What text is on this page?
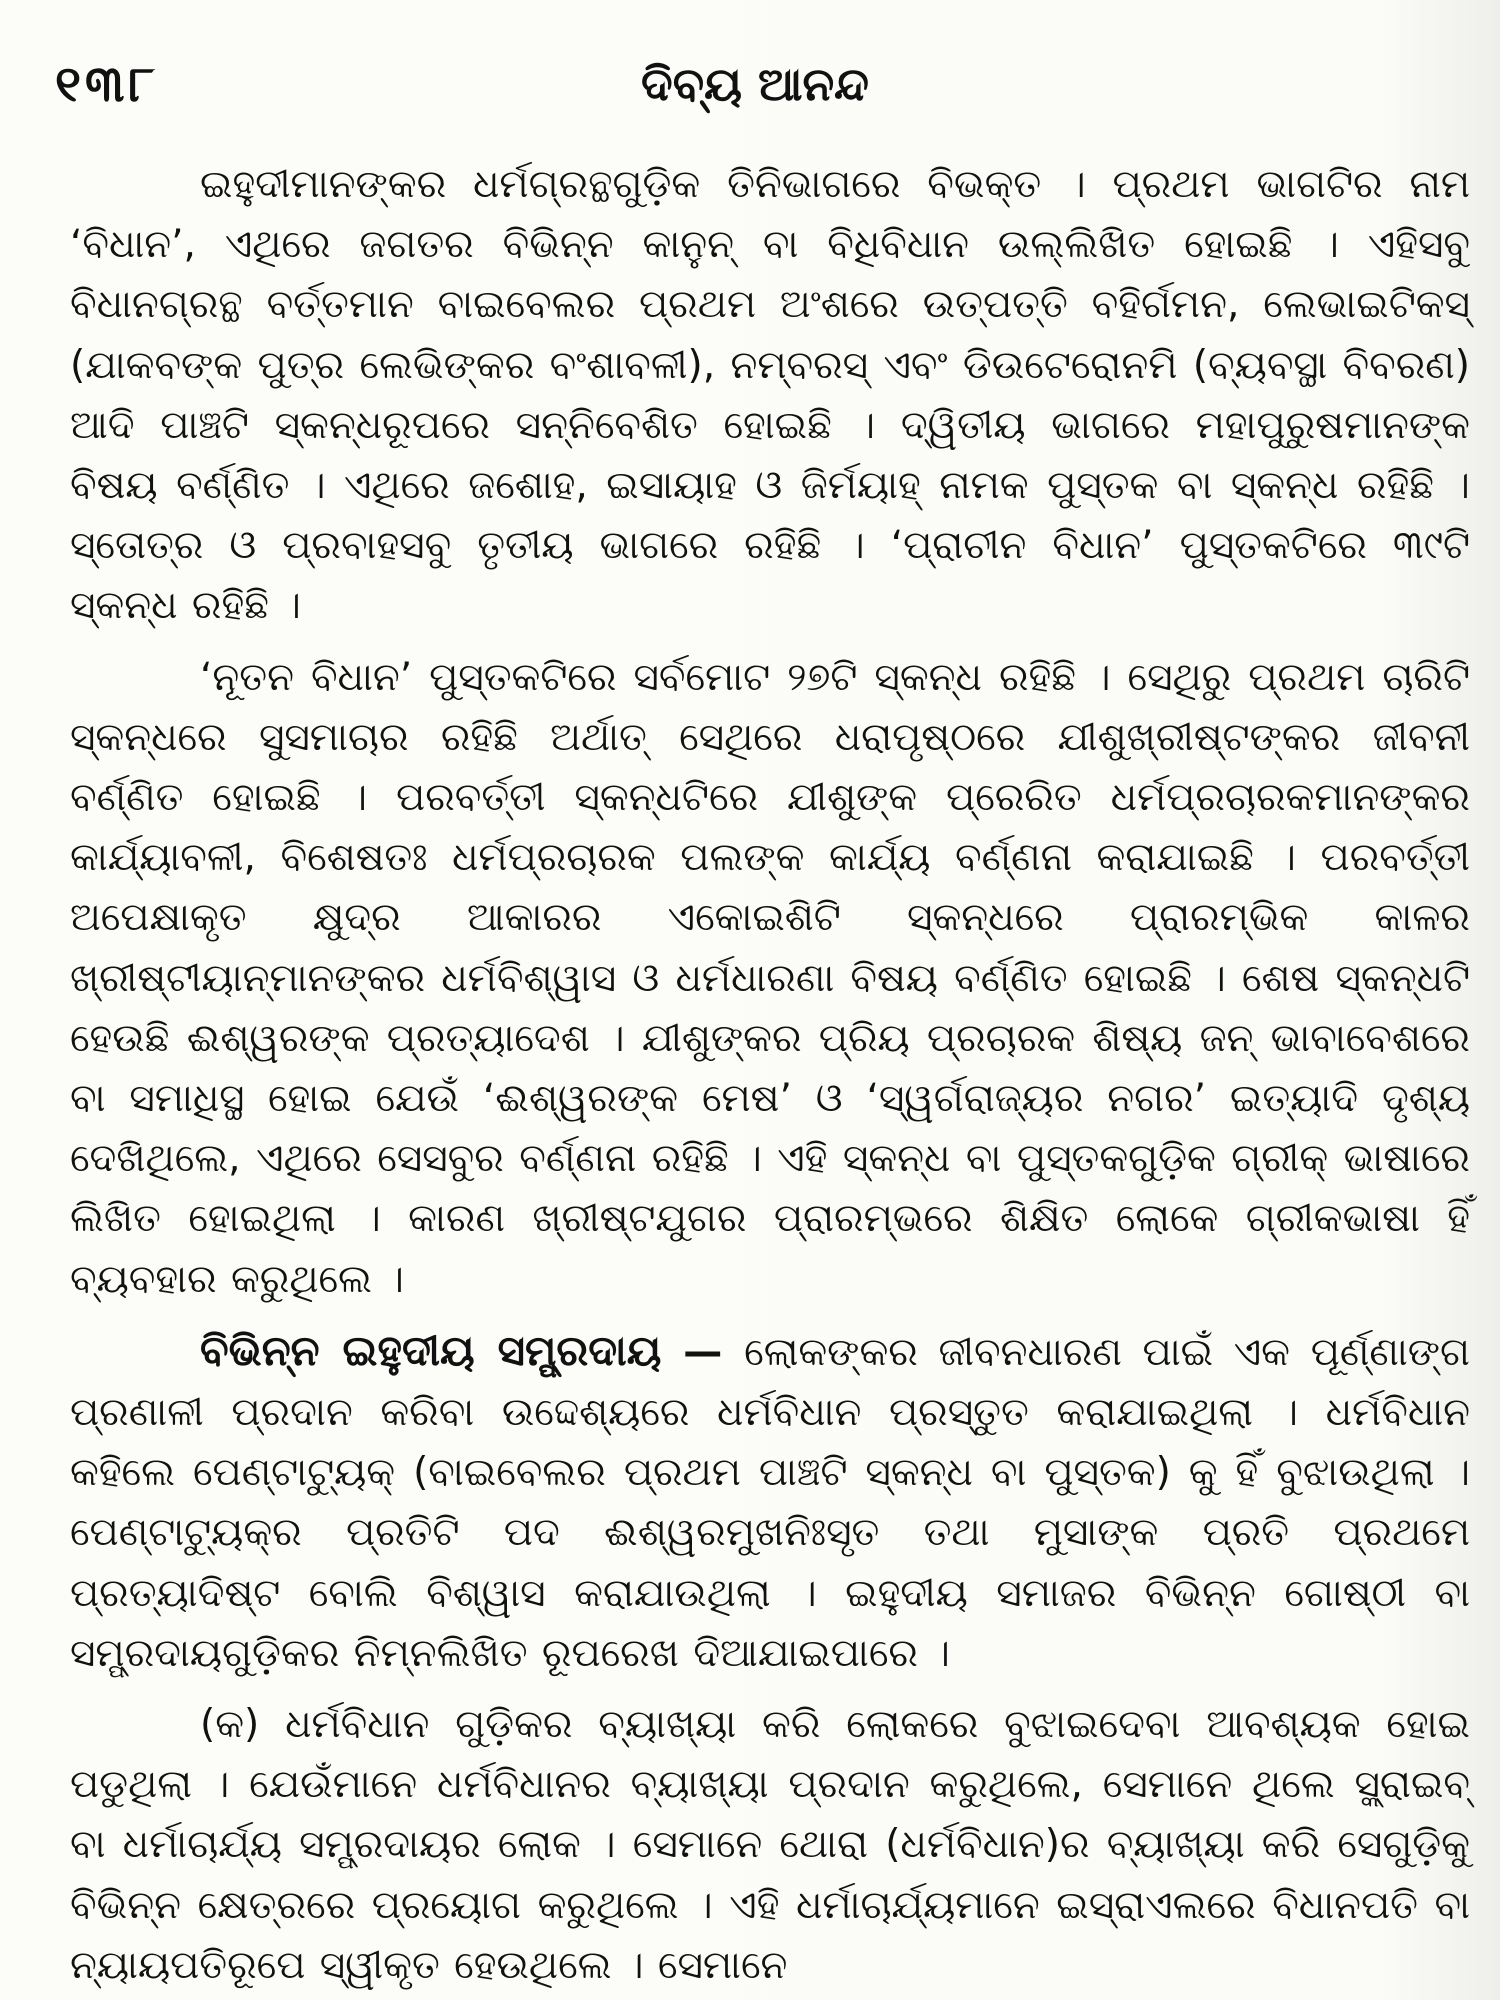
୧୩୮	ଦିବ୍ୟ ଆନନ୍ଦ

ଇହୁଦୀମାନଙ୍କର ଧର୍ମଗ୍ରନ୍ଥଗୁଡ଼ିକ ତିନିଭାଗରେ ବିଭକ୍ତ । ପ୍ରଥମ ଭାଗଟିର ନାମ ‘ବିଧାନ’, ଏଥିରେ ଜଗତର ବିଭିନ୍ନ କାନୁନ୍ ବା ବିଧିବିଧାନ ଉଲ୍ଲିଖିତ ହୋଇଛି । ଏହିସବୁ ବିଧାନଗ୍ରନ୍ଥ ବର୍ତ୍ତମାନ ବାଇବେଲର ପ୍ରଥମ ଅଂଶରେ ଉତ୍ପତ୍ତି ବହିର୍ଗମନ, ଲେଭାଇଟିକସ୍ (ଯାକବଙ୍କ ପୁତ୍ର ଲେଭିଙ୍କର ବଂଶାବଳୀ), ନମ୍ବରସ୍ ଏବଂ ଡିଉଟେରୋନମି (ବ୍ୟବସ୍ଥା ବିବରଣ) ଆଦି ପାଞ୍ଚଟି ସ୍କନ୍ଧରୂପରେ ସନ୍ନିବେଶିତ ହୋଇଛି । ଦ୍ୱିତୀୟ ଭାଗରେ ମହାପୁରୁଷମାନଙ୍କ ବିଷୟ ବର୍ଣ୍ଣିତ । ଏଥିରେ ଜଶୋହ, ଇସାୟାହ ଓ ଜିର୍ମୟାହ୍ ନାମକ ପୁସ୍ତକ ବା ସ୍କନ୍ଧ ରହିଛି । ସ୍ତୋତ୍ର ଓ ପ୍ରବାହସବୁ ତୃତୀୟ ଭାଗରେ ରହିଛି । ‘ପ୍ରାଚୀନ ବିଧାନ’ ପୁସ୍ତକଟିରେ ୩୯ଟି ସ୍କନ୍ଧ ରହିଛି ।

‘ନୂତନ ବିଧାନ’ ପୁସ୍ତକଟିରେ ସର୍ବମୋଟ ୨୭ଟି ସ୍କନ୍ଧ ରହିଛି । ସେଥିରୁ ପ୍ରଥମ ଚାରିଟି ସ୍କନ୍ଧରେ ସୁସମାଚାର ରହିଛି ଅର୍ଥାତ୍ ସେଥିରେ ଧରାପୃଷ୍ଠରେ ଯୀଶୁଖ୍ରୀଷ୍ଟଙ୍କର ଜୀବନୀ ବର୍ଣ୍ଣିତ ହୋଇଛି । ପରବର୍ତ୍ତୀ ସ୍କନ୍ଧଟିରେ ଯୀଶୁଙ୍କ ପ୍ରେରିତ ଧର୍ମପ୍ରଚାରକମାନଙ୍କର କାର୍ଯ୍ୟାବଳୀ, ବିଶେଷତଃ ଧର୍ମପ୍ରଚାରକ ପଲଙ୍କ କାର୍ଯ୍ୟ ବର୍ଣ୍ଣନା କରାଯାଇଛି । ପରବର୍ତ୍ତୀ ଅପେକ୍ଷାକୃତ କ୍ଷୁଦ୍ର ଆକାରର ଏକୋଇଶିଟି ସ୍କନ୍ଧରେ ପ୍ରାରମ୍ଭିକ କାଳର ଖ୍ରୀଷ୍ଟୀୟାନ୍‌ମାନଙ୍କର ଧର୍ମବିଶ୍ୱାସ ଓ ଧର୍ମଧାରଣା ବିଷୟ ବର୍ଣ୍ଣିତ ହୋଇଛି । ଶେଷ ସ୍କନ୍ଧଟି ହେଉଛି ଈଶ୍ୱରଙ୍କ ପ୍ରତ୍ୟାଦେଶ । ଯୀଶୁଙ୍କର ପ୍ରିୟ ପ୍ରଚାରକ ଶିଷ୍ୟ ଜନ୍ ଭାବାବେଶରେ ବା ସମାଧିସ୍ଥ ହୋଇ ଯେଉଁ ‘ଈଶ୍ୱରଙ୍କ ମେଷ’ ଓ ‘ସ୍ୱର୍ଗରାଜ୍ୟର ନଗର’ ଇତ୍ୟାଦି ଦୃଶ୍ୟ ଦେଖିଥିଲେ, ଏଥିରେ ସେସବୁର ବର୍ଣ୍ଣନା ରହିଛି । ଏହି ସ୍କନ୍ଧ ବା ପୁସ୍ତକଗୁଡ଼ିକ ଗ୍ରୀକ୍ ଭାଷାରେ ଲିଖିତ ହୋଇଥିଲା । କାରଣ ଖ୍ରୀଷ୍ଟଯୁଗର ପ୍ରାରମ୍ଭରେ ଶିକ୍ଷିତ ଲୋକେ ଗ୍ରୀକଭାଷା ହିଁ ବ୍ୟବହାର କରୁଥିଲେ ।

ବିଭିନ୍ନ ଇହୁଦୀୟ ସମ୍ପ୍ରଦାୟ — ଲୋକଙ୍କର ଜୀବନଧାରଣ ପାଇଁ ଏକ ପୂର୍ଣ୍ଣାଙ୍ଗ ପ୍ରଣାଳୀ ପ୍ରଦାନ କରିବା ଉଦ୍ଦେଶ୍ୟରେ ଧର୍ମବିଧାନ ପ୍ରସ୍ତୁତ କରାଯାଇଥିଲା । ଧର୍ମବିଧାନ କହିଲେ ପେଣ୍ଟାଟ୍ୟୁକ୍ (ବାଇବେଲର ପ୍ରଥମ ପାଞ୍ଚଟି ସ୍କନ୍ଧ ବା ପୁସ୍ତକ) କୁ ହିଁ ବୁଝାଉଥିଲା । ପେଣ୍ଟାଟ୍ୟୁକ୍‌ର ପ୍ରତିଟି ପଦ ଈଶ୍ୱରମୁଖନିଃସୃତ ତଥା ମୁସାଙ୍କ ପ୍ରତି ପ୍ରଥମେ ପ୍ରତ୍ୟାଦିଷ୍ଟ ବୋଲି ବିଶ୍ୱାସ କରାଯାଉଥିଲା । ଇହୁଦୀୟ ସମାଜର ବିଭିନ୍ନ ଗୋଷ୍ଠୀ ବା ସମ୍ପ୍ରଦାୟଗୁଡ଼ିକର ନିମ୍ନଲିଖିତ ରୂପରେଖ ଦିଆଯାଇପାରେ ।

(କ) ଧର୍ମବିଧାନ ଗୁଡ଼ିକର ବ୍ୟାଖ୍ୟା କରି ଲୋକରେ ବୁଝାଇଦେବା ଆବଶ୍ୟକ ହୋଇ ପଡୁଥିଲା । ଯେଉଁମାନେ ଧର୍ମବିଧାନର ବ୍ୟାଖ୍ୟା ପ୍ରଦାନ କରୁଥିଲେ, ସେମାନେ ଥିଲେ ସ୍କ୍ରାଇବ୍ ବା ଧର୍ମାଚାର୍ଯ୍ୟ ସମ୍ପ୍ରଦାୟର ଲୋକ । ସେମାନେ ଥୋରା (ଧର୍ମବିଧାନ)ର ବ୍ୟାଖ୍ୟା କରି ସେଗୁଡ଼ିକୁ ବିଭିନ୍ନ କ୍ଷେତ୍ରରେ ପ୍ରୟୋଗ କରୁଥିଲେ । ଏହି ଧର୍ମାଚାର୍ଯ୍ୟମାନେ ଇସ୍ରାଏଲରେ ବିଧାନପତି ବା ନ୍ୟାୟପତିରୂପେ ସ୍ୱୀକୃତ ହେଉଥିଲେ । ସେମାନେ
